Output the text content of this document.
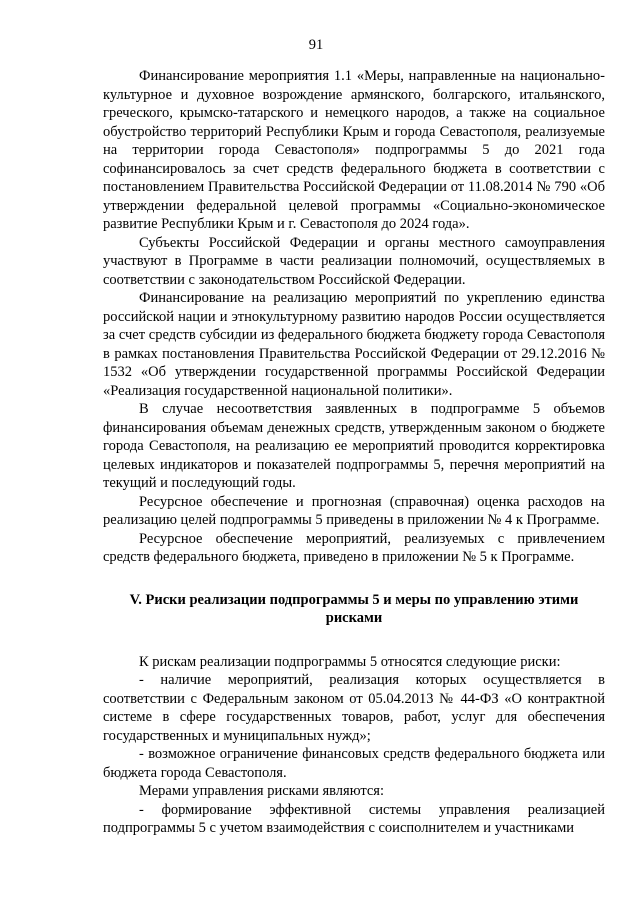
91

Финансирование мероприятия 1.1 «Меры, направленные на национально-культурное и духовное возрождение армянского, болгарского, итальянского, греческого, крымско-татарского и немецкого народов, а также на социальное обустройство территорий Республики Крым и города Севастополя, реализуемые на территории города Севастополя» подпрограммы 5 до 2021 года софинансировалось за счет средств федерального бюджета в соответствии с постановлением Правительства Российской Федерации от 11.08.2014 № 790 «Об утверждении федеральной целевой программы «Социально-экономическое развитие Республики Крым и г. Севастополя до 2024 года».

Субъекты Российской Федерации и органы местного самоуправления участвуют в Программе в части реализации полномочий, осуществляемых в соответствии с законодательством Российской Федерации.

Финансирование на реализацию мероприятий по укреплению единства российской нации и этнокультурному развитию народов России осуществляется за счет средств субсидии из федерального бюджета бюджету города Севастополя в рамках постановления Правительства Российской Федерации от 29.12.2016 № 1532 «Об утверждении государственной программы Российской Федерации «Реализация государственной национальной политики».

В случае несоответствия заявленных в подпрограмме 5 объемов финансирования объемам денежных средств, утвержденным законом о бюджете города Севастополя, на реализацию ее мероприятий проводится корректировка целевых индикаторов и показателей подпрограммы 5, перечня мероприятий на текущий и последующий годы.

Ресурсное обеспечение и прогнозная (справочная) оценка расходов на реализацию целей подпрограммы 5 приведены в приложении № 4 к Программе.

Ресурсное обеспечение мероприятий, реализуемых с привлечением средств федерального бюджета, приведено в приложении № 5 к Программе.

V. Риски реализации подпрограммы 5 и меры по управлению этими рисками

К рискам реализации подпрограммы 5 относятся следующие риски:

- наличие мероприятий, реализация которых осуществляется в соответствии с Федеральным законом от 05.04.2013 № 44-ФЗ «О контрактной системе в сфере государственных товаров, работ, услуг для обеспечения государственных и муниципальных нужд»;

- возможное ограничение финансовых средств федерального бюджета или бюджета города Севастополя.

Мерами управления рисками являются:

- формирование эффективной системы управления реализацией подпрограммы 5 с учетом взаимодействия с соисполнителем и участниками
